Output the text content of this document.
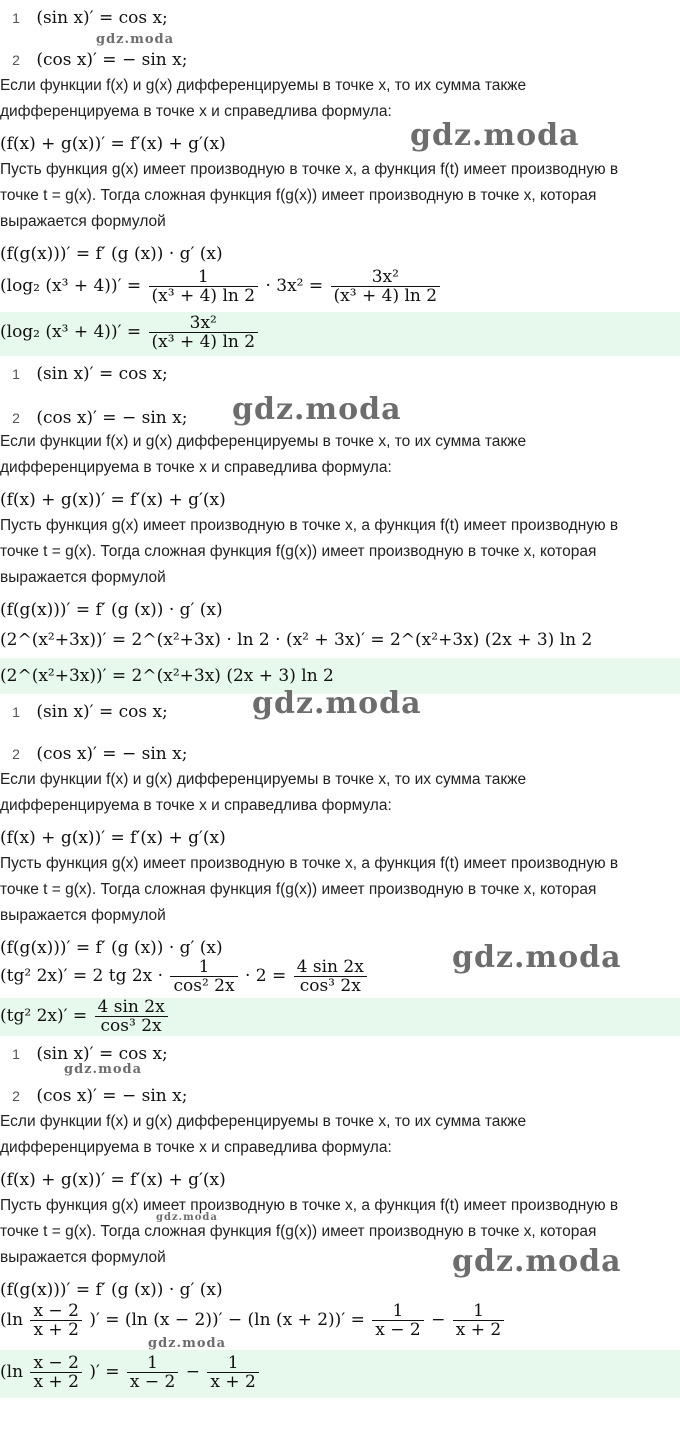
1 (sin x)′ = cos x;
2 (cos x)′ = − sin x;
Если функции f(x) и g(x) дифференцируемы в точке x, то их сумма также
дифференцируема в точке x и справедлива формула:
(f(x) + g(x))′ = f′(x) + g′(x)
Пусть функция g(x) имеет производную в точке x, а функция f(t) имеет производную в
точке t = g(x). Тогда сложная функция f(g(x)) имеет производную в точке x, которая
выражается формулой
(f(g(x)))′ = f′ (g (x)) · g′ (x)
(log₂ $(x^3 + 4))' = \frac{1}{\text{(x³ + 4) ln 2}} \cdot 3x^2 = \frac{\text{3x²}}{\text{(x³ + 4) ln 2}}$
(log₂ $(x^3 + 4))' = \frac{\text{3x²}}{\text{(x³ + 4) ln 2}}$
gdz.moda
gdz.moda
1 (sin x)′ = cos x;
2 (cos x)′ = − sin x;
Если функции f(x) и g(x) дифференцируемы в точке x, то их сумма также
дифференцируема в точке x и справедлива формула:
(f(x) + g(x))′ = f′(x) + g′(x)
Пусть функция g(x) имеет производную в точке x, а функция f(t) имеет производную в
точке t = g(x). Тогда сложная функция f(g(x)) имеет производную в точке x, которая
выражается формулой
(f(g(x)))′ = f′ (g (x)) · g′ (x)
(2^(x²+3x))′ = 2^(x²+3x) · ln 2 · (x² + 3x)′ = 2^(x²+3x) (2x + 3) ln 2
(2^(x²+3x))′ = 2^(x²+3x) (2x + 3) ln 2
gdz.moda
1 (sin x)′ = cos x;
2 (cos x)′ = − sin x;
Если функции f(x) и g(x) дифференцируемы в точке x, то их сумма также
дифференцируема в точке x и справедлива формула:
(f(x) + g(x))′ = f′(x) + g′(x)
Пусть функция g(x) имеет производную в точке x, а функция f(t) имеет производную в
точке t = g(x). Тогда сложная функция f(g(x)) имеет производную в точке x, которая
выражается формулой
(f(g(x)))′ = f′ (g (x)) · g′ (x)
(tg² 2x)′ = 2 tg $2x \cdot \frac{1}{\text{cos² 2x}} \cdot 2 = \frac{4 \sin 2x}{\text{cos³ 2x}}$
(tg² $2x)' = \frac{4 \sin 2x}{\text{cos³ 2x}}$
gdz.moda
gdz.moda
1 (sin x)′ = cos x;
2 (cos x)′ = − sin x;
Если функции f(x) и g(x) дифференцируемы в точке x, то их сумма также
дифференцируема в точке x и справедлива формула:
(f(x) + g(x))′ = f′(x) + g′(x)
Пусть функция g(x) имеет производную в точке x, а функция f(t) имеет производную в
точке t = g(x). Тогда сложная функция f(g(x)) имеет производную в точке x, которая
выражается формулой
(f(g(x)))′ = f′ (g (x)) · g′ (x)
($\ln \frac{x - 2}{x + 2}$ )′ = (ln (x − 2))′ − (ln $(x + 2))' = \frac{1}{x - 2} - \frac{1}{x + 2}$
($\ln \frac{x - 2}{x + 2}$ )′ = $\frac{1}{x - 2} - \frac{1}{x + 2}$
gdz.moda
gdz.moda
gdz.moda
gdz.moda
